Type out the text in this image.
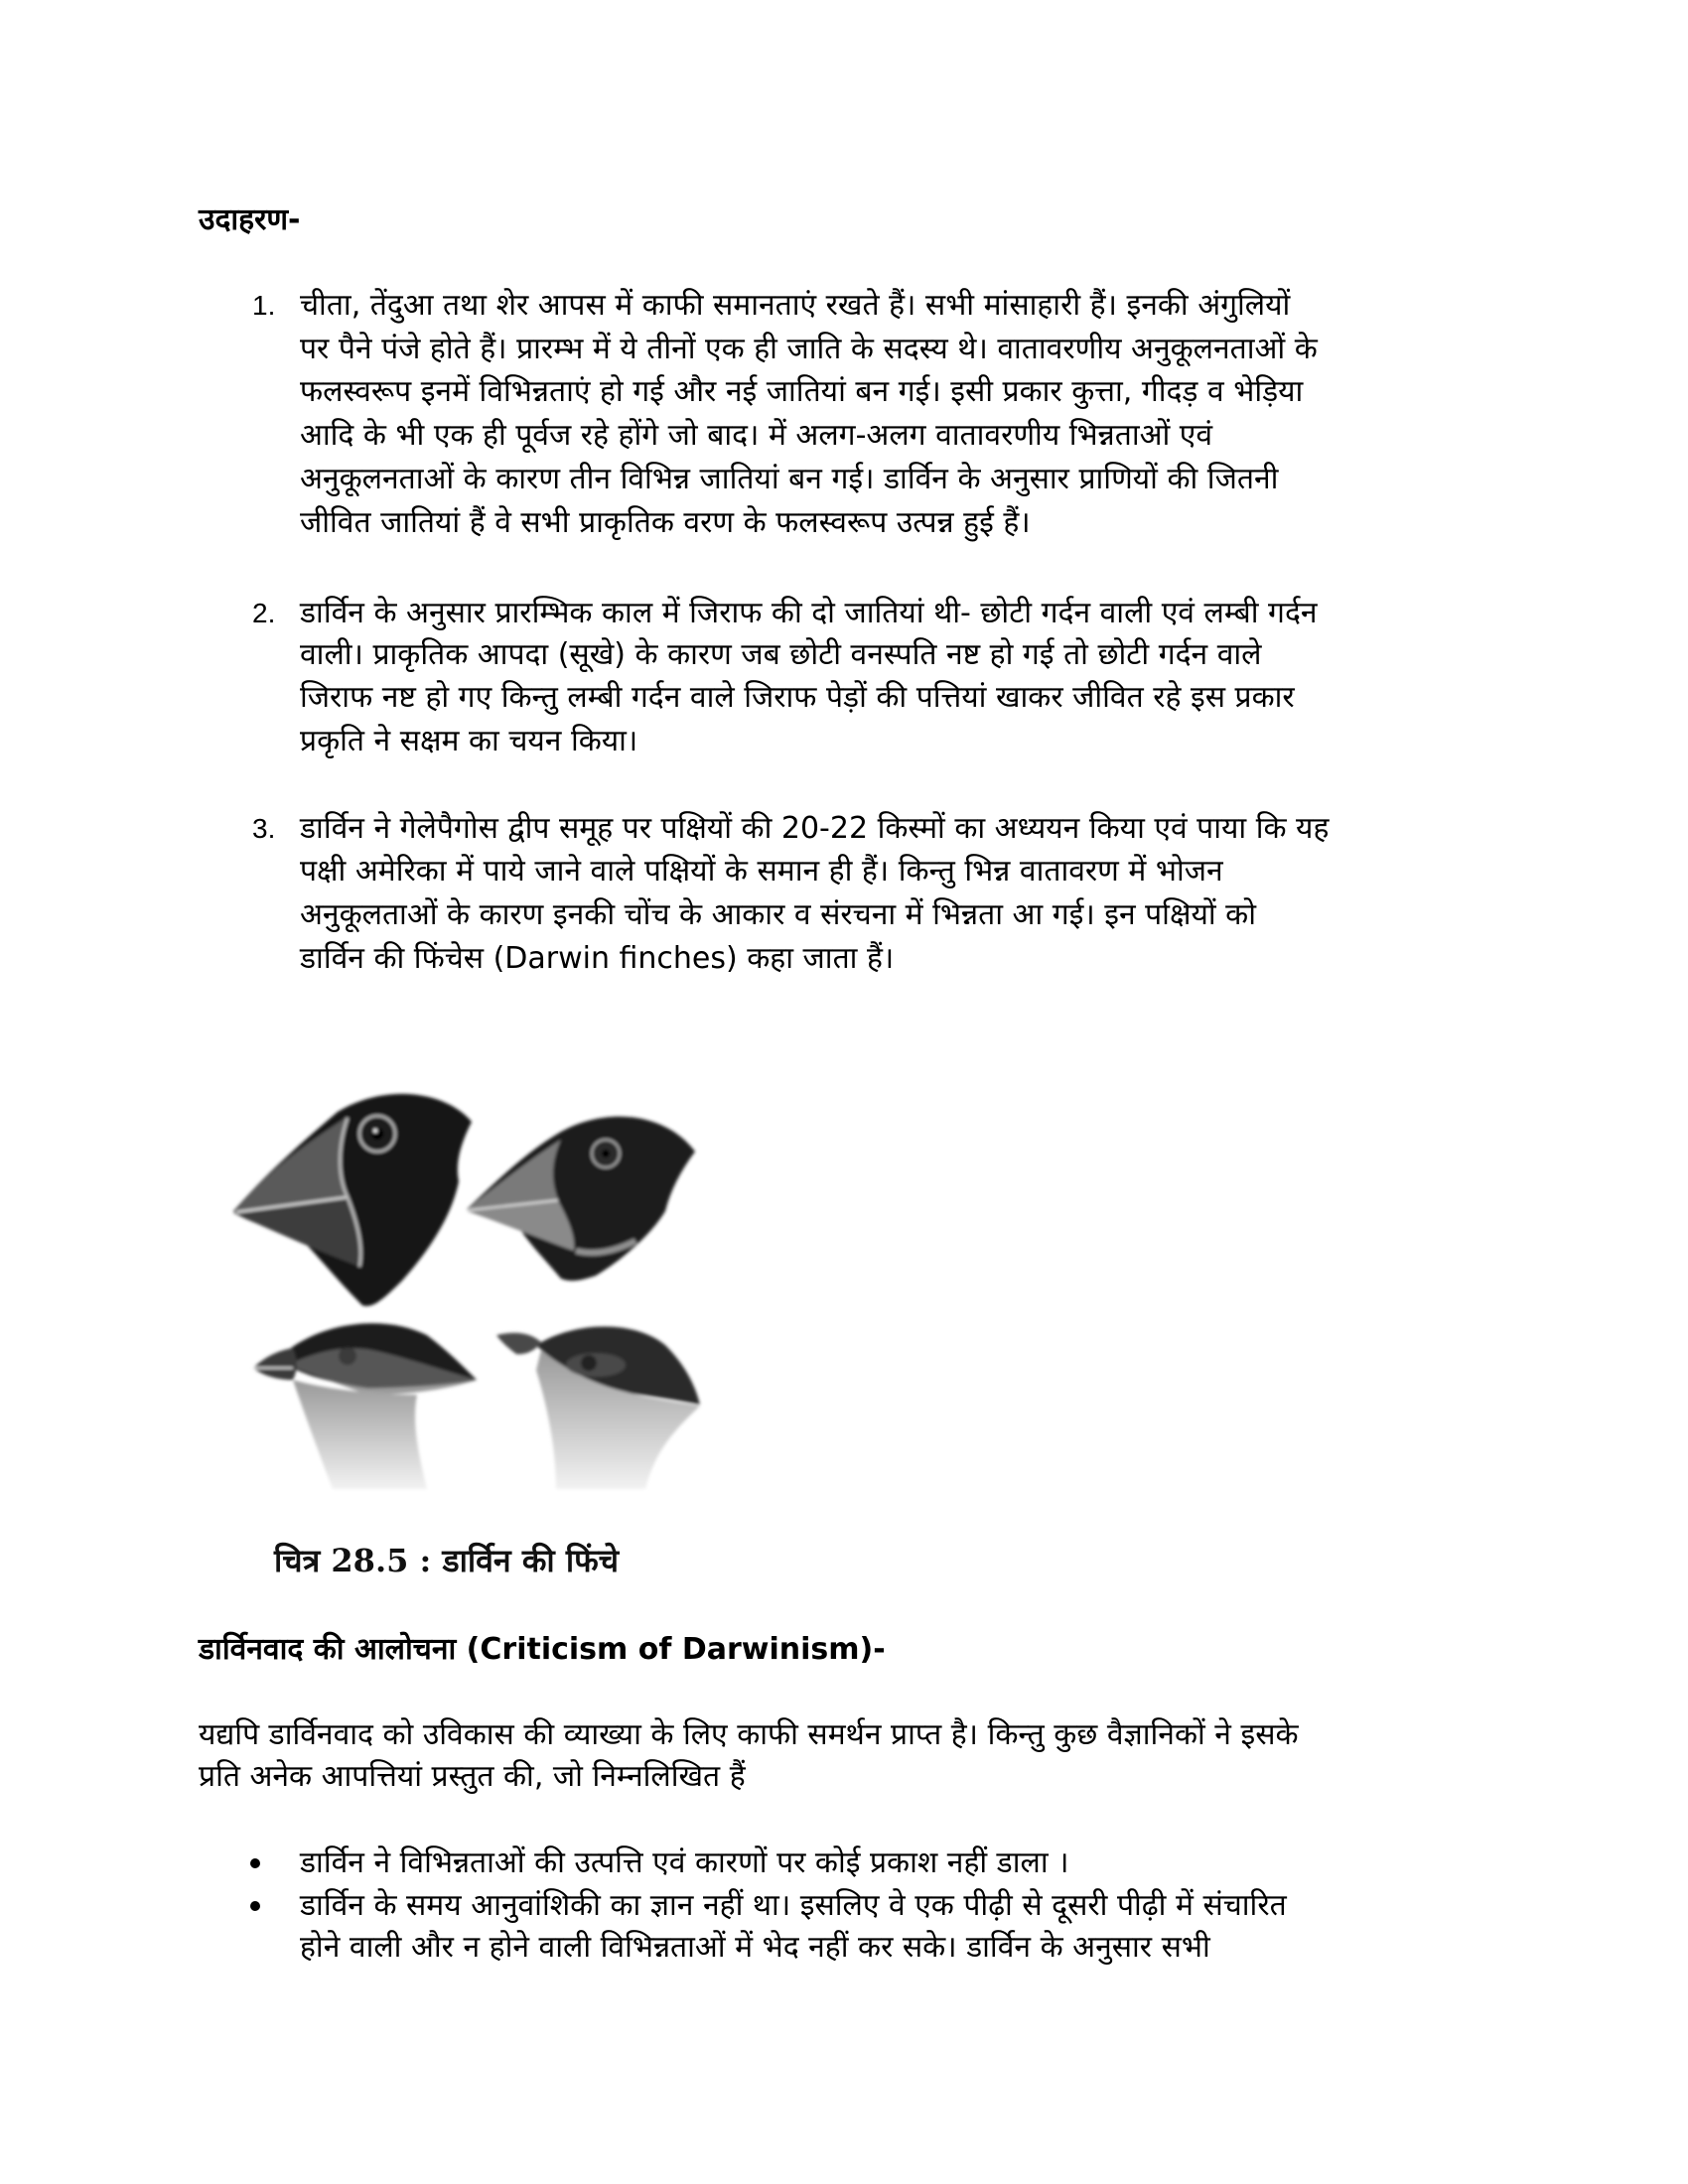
उदाहरण-
1. चीता, तेंदुआ तथा शेर आपस में काफी समानताएं रखते हैं। सभी मांसाहारी हैं। इनकी अंगुलियों
पर पैने पंजे होते हैं। प्रारम्भ में ये तीनों एक ही जाति के सदस्य थे। वातावरणीय अनुकूलनताओं के
फलस्वरूप इनमें विभिन्नताएं हो गई और नई जातियां बन गई। इसी प्रकार कुत्ता, गीदड़ व भेड़िया
आदि के भी एक ही पूर्वज रहे होंगे जो बाद। में अलग-अलग वातावरणीय भिन्नताओं एवं
अनुकूलनताओं के कारण तीन विभिन्न जातियां बन गई। डार्विन के अनुसार प्राणियों की जितनी
जीवित जातियां हैं वे सभी प्राकृतिक वरण के फलस्वरूप उत्पन्न हुई हैं।
2. डार्विन के अनुसार प्रारम्भिक काल में जिराफ की दो जातियां थी- छोटी गर्दन वाली एवं लम्बी गर्दन
वाली। प्राकृतिक आपदा (सूखे) के कारण जब छोटी वनस्पति नष्ट हो गई तो छोटी गर्दन वाले
जिराफ नष्ट हो गए किन्तु लम्बी गर्दन वाले जिराफ पेड़ों की पत्तियां खाकर जीवित रहे इस प्रकार
प्रकृति ने सक्षम का चयन किया।
3. डार्विन ने गेलेपैगोस द्वीप समूह पर पक्षियों की 20-22 किस्मों का अध्ययन किया एवं पाया कि यह
पक्षी अमेरिका में पाये जाने वाले पक्षियों के समान ही हैं। किन्तु भिन्न वातावरण में भोजन
अनुकूलताओं के कारण इनकी चोंच के आकार व संरचना में भिन्नता आ गई। इन पक्षियों को
डार्विन की फिंचेस (Darwin finches) कहा जाता हैं।
चित्र 28.5 : डार्विन की फिंचे
डार्विनवाद की आलोचना (Criticism of Darwinism)-
यद्यपि डार्विनवाद को उविकास की व्याख्या के लिए काफी समर्थन प्राप्त है। किन्तु कुछ वैज्ञानिकों ने इसके
प्रति अनेक आपत्तियां प्रस्तुत की, जो निम्नलिखित हैं
डार्विन ने विभिन्नताओं की उत्पत्ति एवं कारणों पर कोई प्रकाश नहीं डाला ।
डार्विन के समय आनुवांशिकी का ज्ञान नहीं था। इसलिए वे एक पीढ़ी से दूसरी पीढ़ी में संचारित
होने वाली और न होने वाली विभिन्नताओं में भेद नहीं कर सके। डार्विन के अनुसार सभी
